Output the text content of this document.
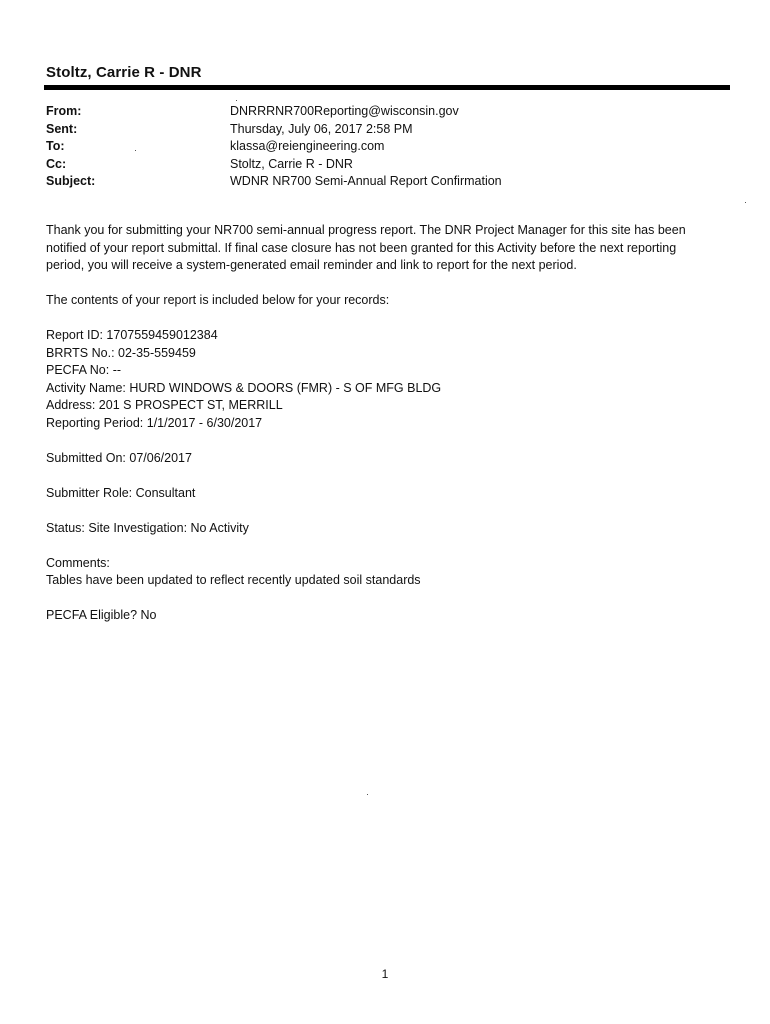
Stoltz, Carrie R - DNR
From:	DNRRRNR700Reporting@wisconsin.gov
Sent:	Thursday, July 06, 2017 2:58 PM
To:	klassa@reiengineering.com
Cc:	Stoltz, Carrie R - DNR
Subject:	WDNR NR700 Semi-Annual Report Confirmation

Thank you for submitting your NR700 semi-annual progress report. The DNR Project Manager for this site has been
notified of your report submittal. If final case closure has not been granted for this Activity before the next reporting
period, you will receive a system-generated email reminder and link to report for the next period.

The contents of your report is included below for your records:

Report ID: 1707559459012384
BRRTS No.: 02-35-559459
PECFA No: --
Activity Name: HURD WINDOWS & DOORS (FMR) - S OF MFG BLDG
Address: 201 S PROSPECT ST, MERRILL
Reporting Period: 1/1/2017 - 6/30/2017

Submitted On: 07/06/2017

Submitter Role: Consultant

Status: Site Investigation: No Activity

Comments:
Tables have been updated to reflect recently updated soil standards

PECFA Eligible? No

1
